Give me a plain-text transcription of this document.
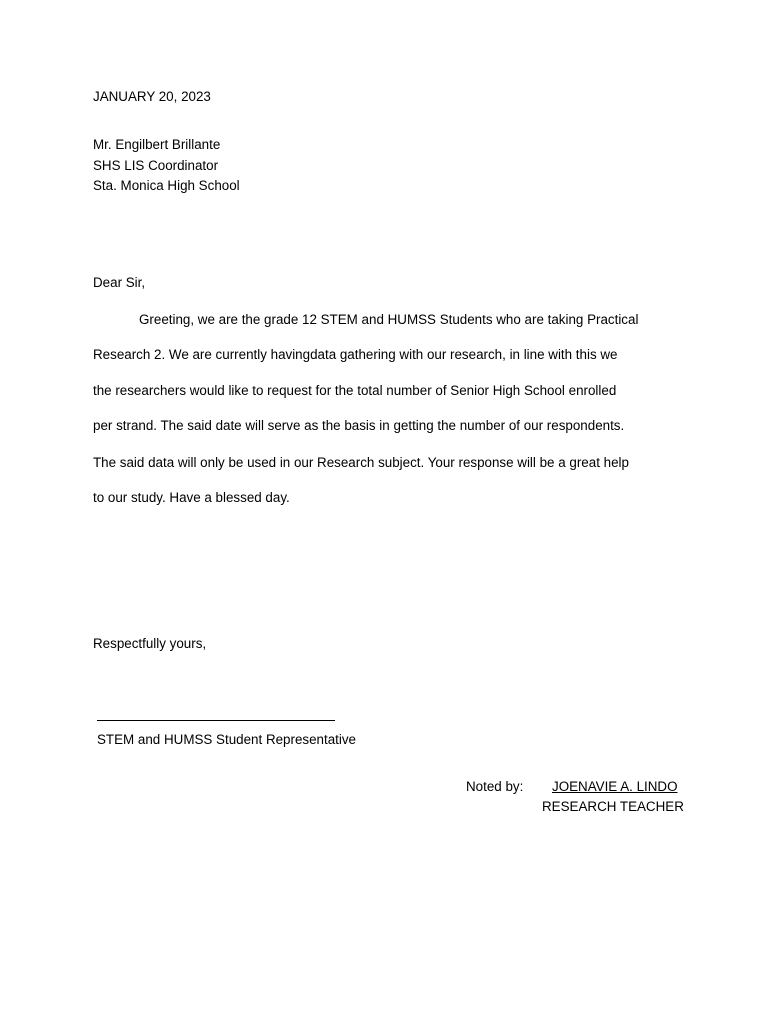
JANUARY 20, 2023
Mr. Engilbert Brillante
SHS LIS Coordinator
Sta. Monica High School
Dear Sir,
Greeting, we are the grade 12 STEM and HUMSS Students who are taking Practical
Research 2. We are currently havingdata gathering with our research, in line with this we
the researchers would like to request for the total number of Senior High School enrolled
per strand. The said date will serve as the basis in getting the number of our respondents.
The said data will only be used in our Research subject. Your response will be a great help
to our study. Have a blessed day.
Respectfully yours,
STEM and HUMSS Student Representative
Noted by: JOENAVIE A. LINDO
RESEARCH TEACHER
